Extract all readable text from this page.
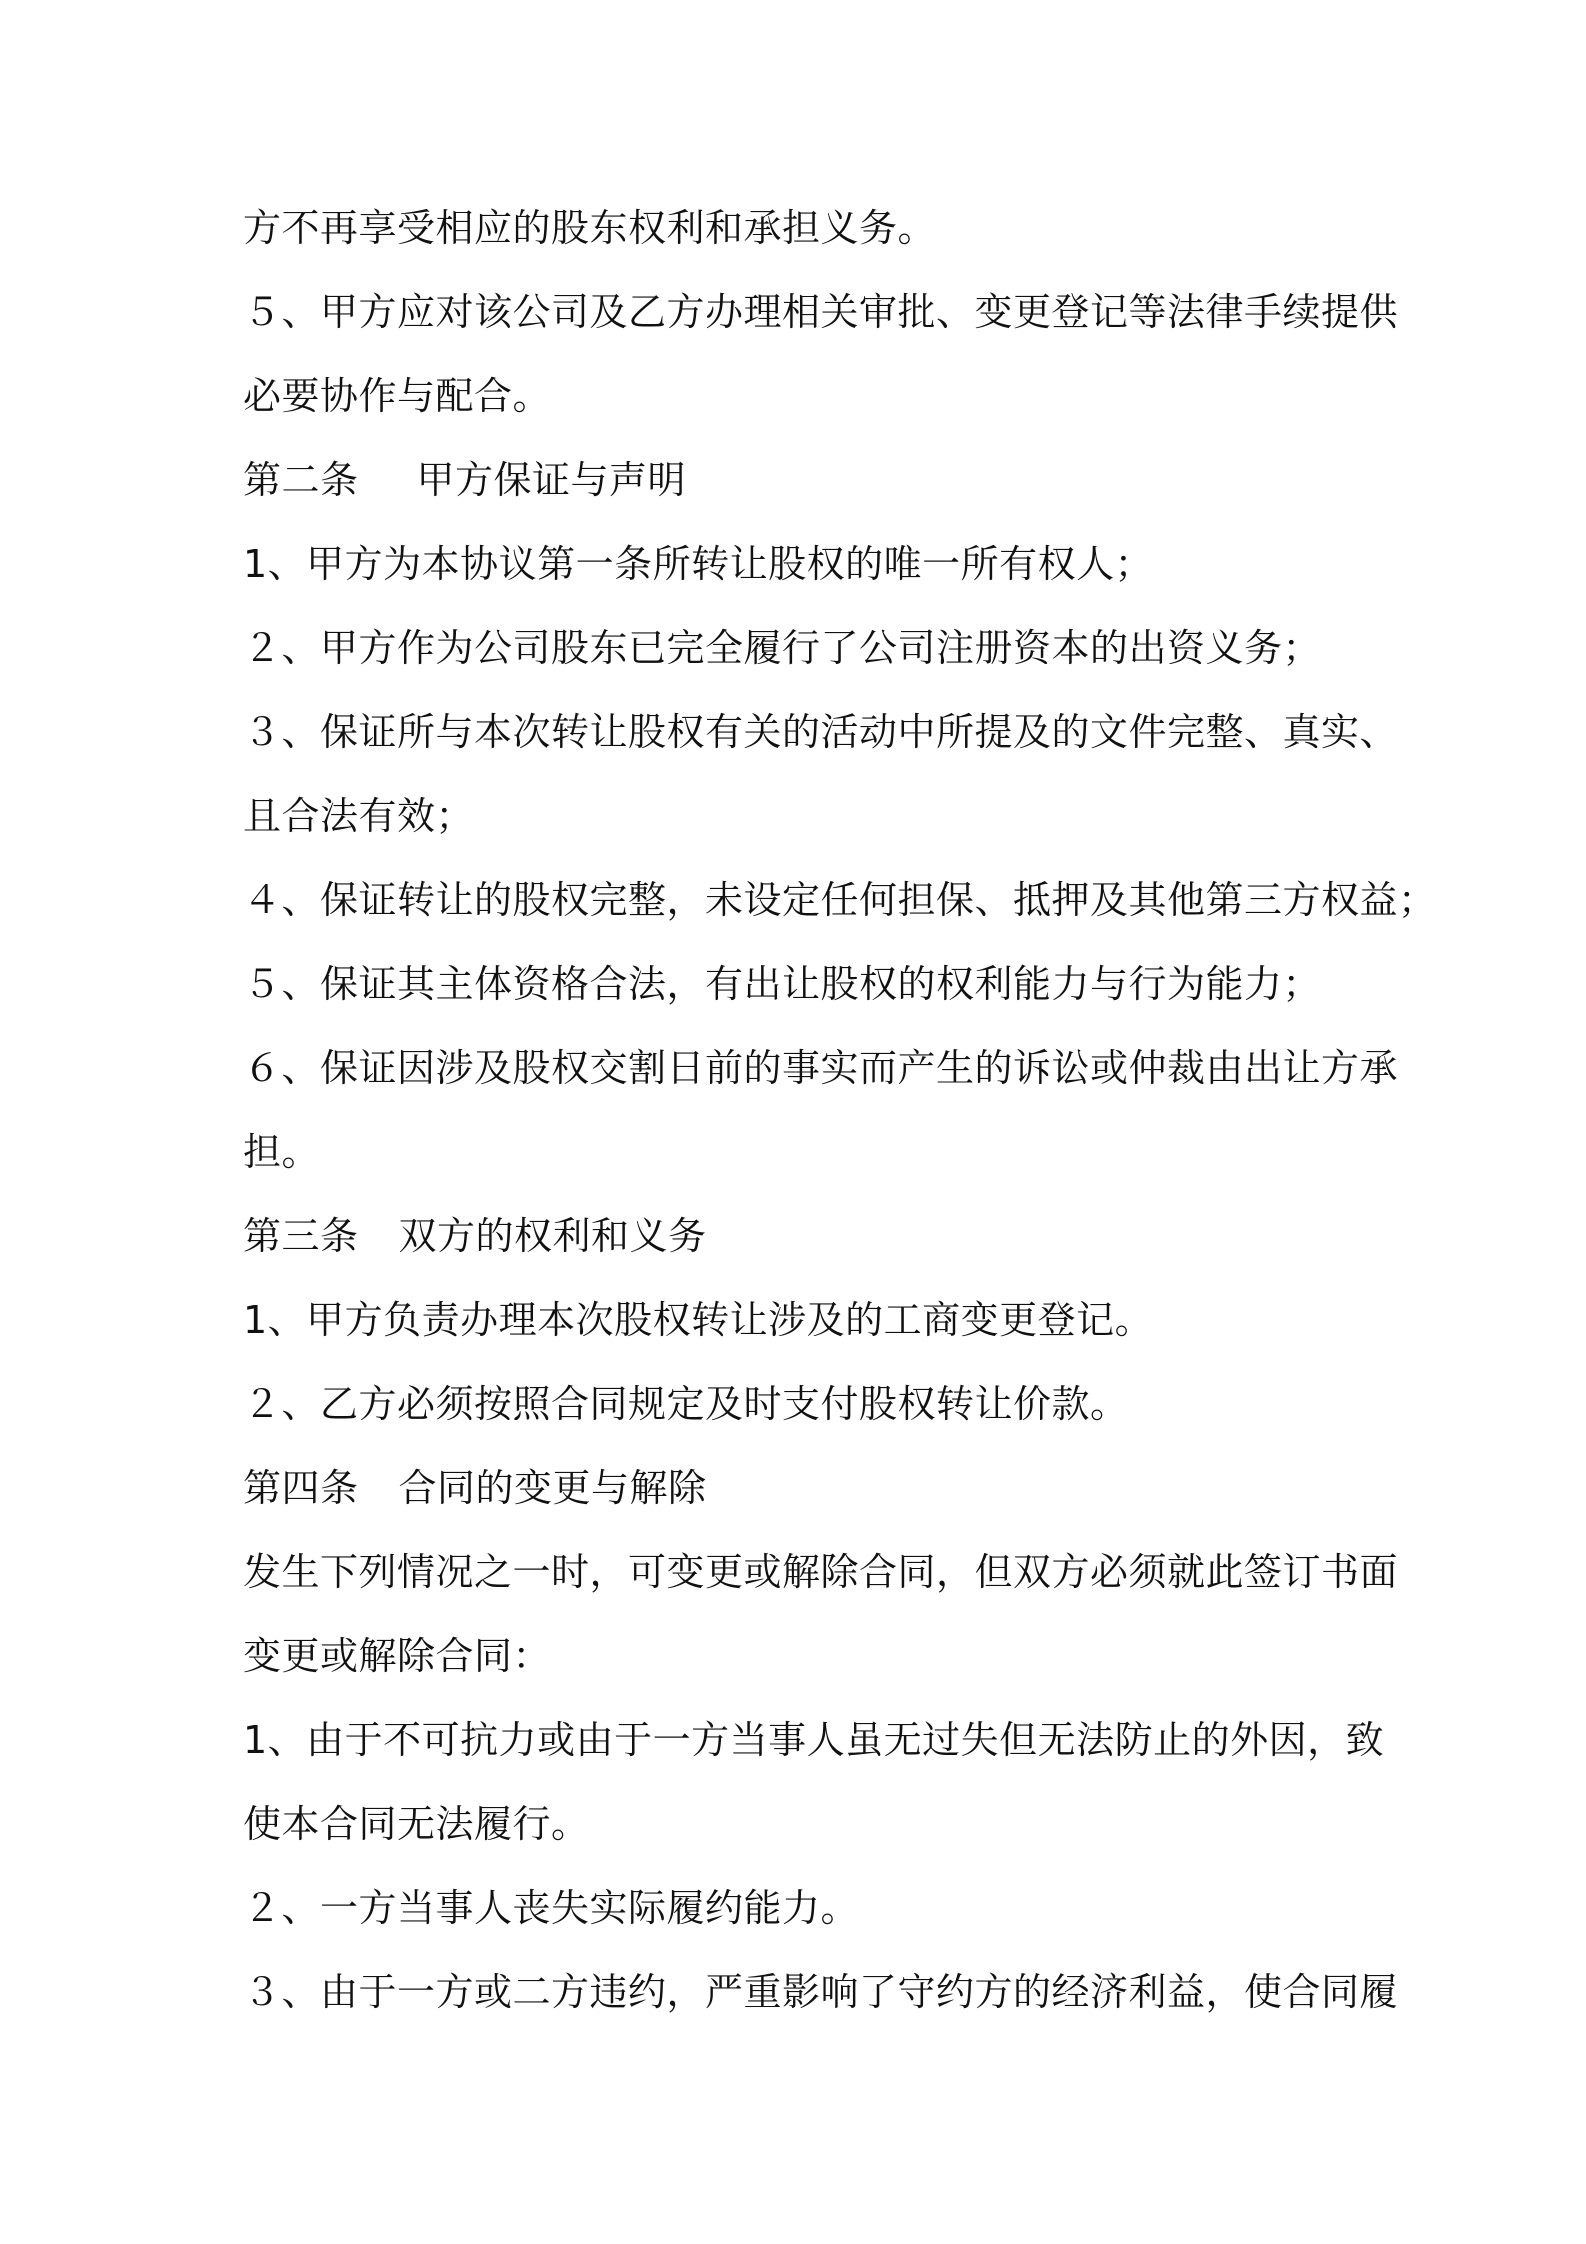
方不再享受相应的股东权利和承担义务。
５、甲方应对该公司及乙方办理相关审批、变更登记等法律手续提供
必要协作与配合。
第二条 甲方保证与声明
1、甲方为本协议第一条所转让股权的唯一所有权人；
２、甲方作为公司股东已完全履行了公司注册资本的出资义务；
３、保证所与本次转让股权有关的活动中所提及的文件完整、真实、
且合法有效；
４、保证转让的股权完整，未设定任何担保、抵押及其他第三方权益；
５、保证其主体资格合法，有出让股权的权利能力与行为能力；
６、保证因涉及股权交割日前的事实而产生的诉讼或仲裁由出让方承
担。
第三条 双方的权利和义务
1、甲方负责办理本次股权转让涉及的工商变更登记。
２、乙方必须按照合同规定及时支付股权转让价款。
第四条 合同的变更与解除
发生下列情况之一时，可变更或解除合同，但双方必须就此签订书面
变更或解除合同：
1、由于不可抗力或由于一方当事人虽无过失但无法防止的外因，致
使本合同无法履行。
２、一方当事人丧失实际履约能力。
３、由于一方或二方违约，严重影响了守约方的经济利益，使合同履
